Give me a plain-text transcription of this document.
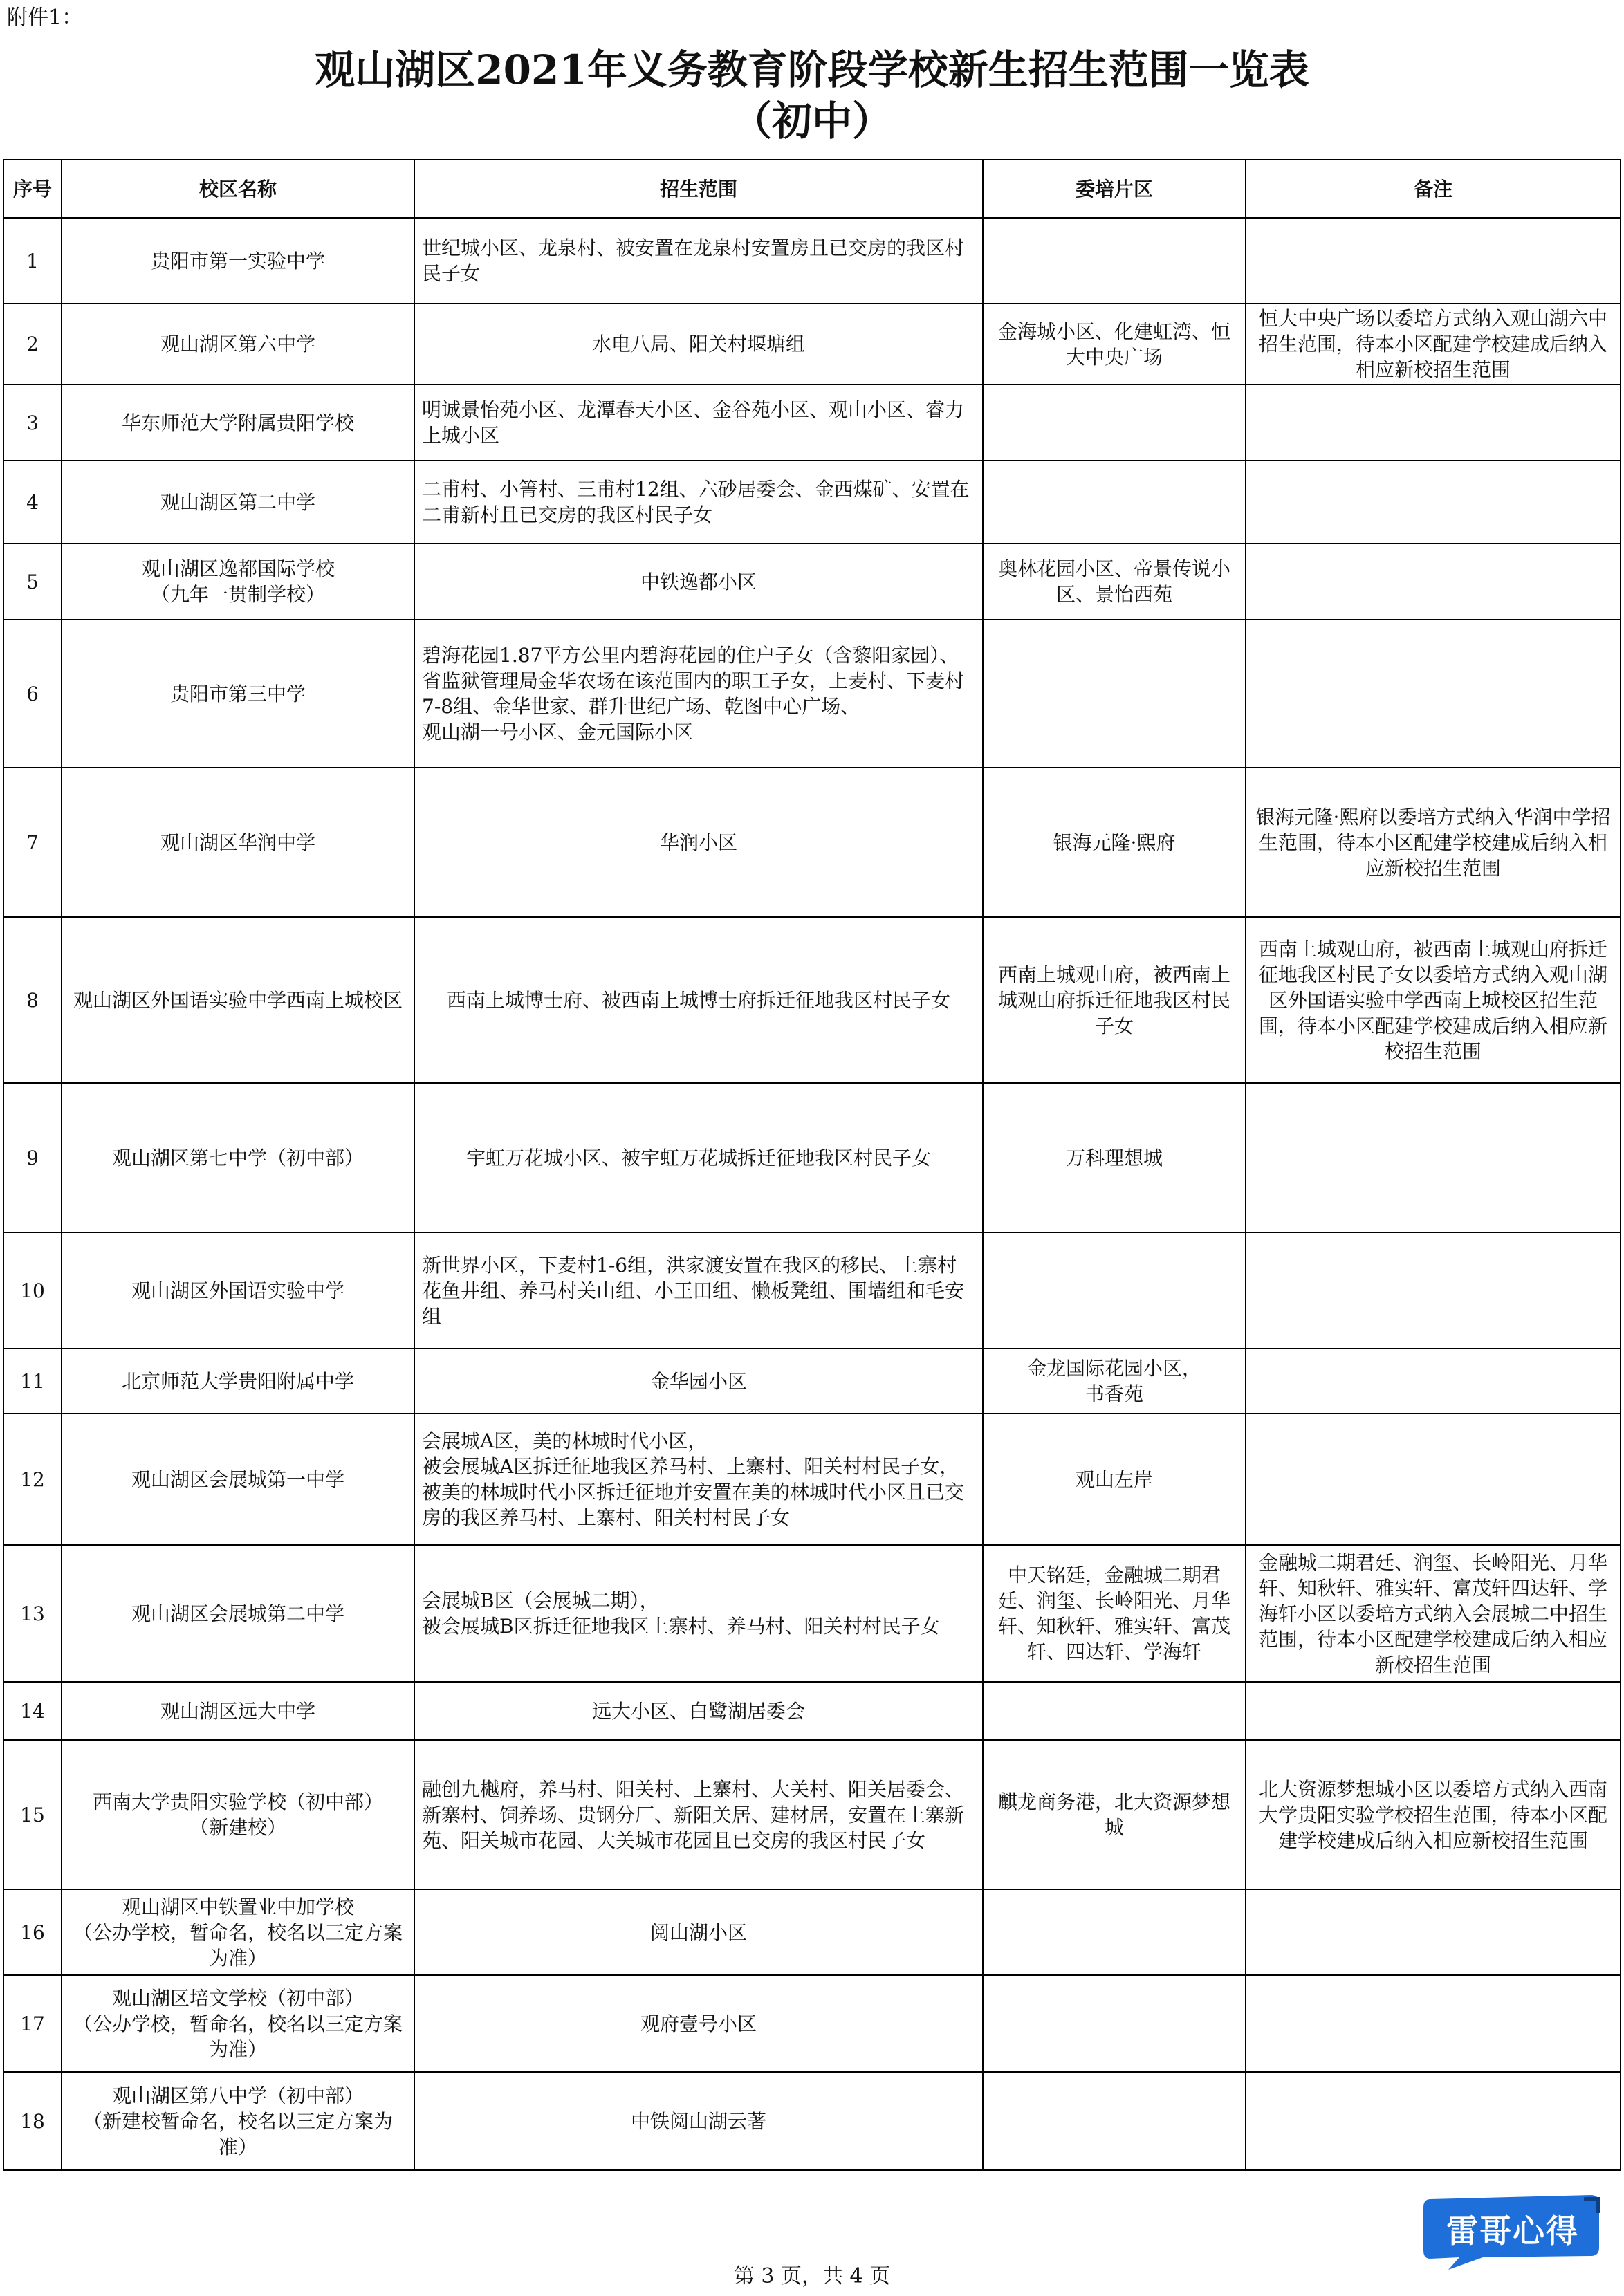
附件1：
观山湖区2021年义务教育阶段学校新生招生范围一览表
（初中）
序号	校区名称	招生范围	委培片区	备注
1	贵阳市第一实验中学	世纪城小区、龙泉村、被安置在龙泉村安置房且已交房的我区村民子女		
2	观山湖区第六中学	水电八局、阳关村堰塘组	金海城小区、化建虹湾、恒大中央广场	恒大中央广场以委培方式纳入观山湖六中招生范围，待本小区配建学校建成后纳入相应新校招生范围
3	华东师范大学附属贵阳学校	明诚景怡苑小区、龙潭春天小区、金谷苑小区、观山小区、睿力上城小区		
4	观山湖区第二中学	二甫村、小箐村、三甫村12组、六砂居委会、金西煤矿、安置在二甫新村且已交房的我区村民子女		
5	观山湖区逸都国际学校
（九年一贯制学校）	中铁逸都小区	奥林花园小区、帝景传说小区、景怡西苑	
6	贵阳市第三中学	碧海花园1.87平方公里内碧海花园的住户子女（含黎阳家园）、省监狱管理局金华农场在该范围内的职工子女，上麦村、下麦村7-8组、金华世家、群升世纪广场、乾图中心广场、
观山湖一号小区、金元国际小区		
7	观山湖区华润中学	华润小区	银海元隆·熙府	银海元隆·熙府以委培方式纳入华润中学招生范围，待本小区配建学校建成后纳入相应新校招生范围
8	观山湖区外国语实验中学西南上城校区	西南上城博士府、被西南上城博士府拆迁征地我区村民子女	西南上城观山府，被西南上城观山府拆迁征地我区村民子女	西南上城观山府，被西南上城观山府拆迁征地我区村民子女以委培方式纳入观山湖区外国语实验中学西南上城校区招生范围，待本小区配建学校建成后纳入相应新校招生范围
9	观山湖区第七中学（初中部）	宇虹万花城小区、被宇虹万花城拆迁征地我区村民子女	万科理想城	
10	观山湖区外国语实验中学	新世界小区，下麦村1-6组，洪家渡安置在我区的移民、上寨村花鱼井组、养马村关山组、小王田组、懒板凳组、围墙组和毛安组		
11	北京师范大学贵阳附属中学	金华园小区	金龙国际花园小区，
书香苑	
12	观山湖区会展城第一中学	会展城A区，美的林城时代小区，
被会展城A区拆迁征地我区养马村、上寨村、阳关村村民子女，
被美的林城时代小区拆迁征地并安置在美的林城时代小区且已交房的我区养马村、上寨村、阳关村村民子女	观山左岸	
13	观山湖区会展城第二中学	会展城B区（会展城二期），
被会展城B区拆迁征地我区上寨村、养马村、阳关村村民子女	中天铭廷，金融城二期君廷、润玺、长岭阳光、月华轩、知秋轩、雅实轩、富茂轩、四达轩、学海轩	金融城二期君廷、润玺、长岭阳光、月华轩、知秋轩、雅实轩、富茂轩四达轩、学海轩小区以委培方式纳入会展城二中招生范围，待本小区配建学校建成后纳入相应新校招生范围
14	观山湖区远大中学	远大小区、白鹭湖居委会		
15	西南大学贵阳实验学校（初中部）
（新建校）	融创九樾府，养马村、阳关村、上寨村、大关村、阳关居委会、新寨村、饲养场、贵钢分厂、新阳关居、建材居，安置在上寨新苑、阳关城市花园、大关城市花园且已交房的我区村民子女	麒龙商务港，北大资源梦想城	北大资源梦想城小区以委培方式纳入西南大学贵阳实验学校招生范围，待本小区配建学校建成后纳入相应新校招生范围
16	观山湖区中铁置业中加学校
（公办学校，暂命名，校名以三定方案为准）	阅山湖小区		
17	观山湖区培文学校（初中部）
（公办学校，暂命名，校名以三定方案为准）	观府壹号小区		
18	观山湖区第八中学（初中部）
（新建校暂命名，校名以三定方案为准）	中铁阅山湖云著		
雷哥心得
第 3 页，共 4 页
